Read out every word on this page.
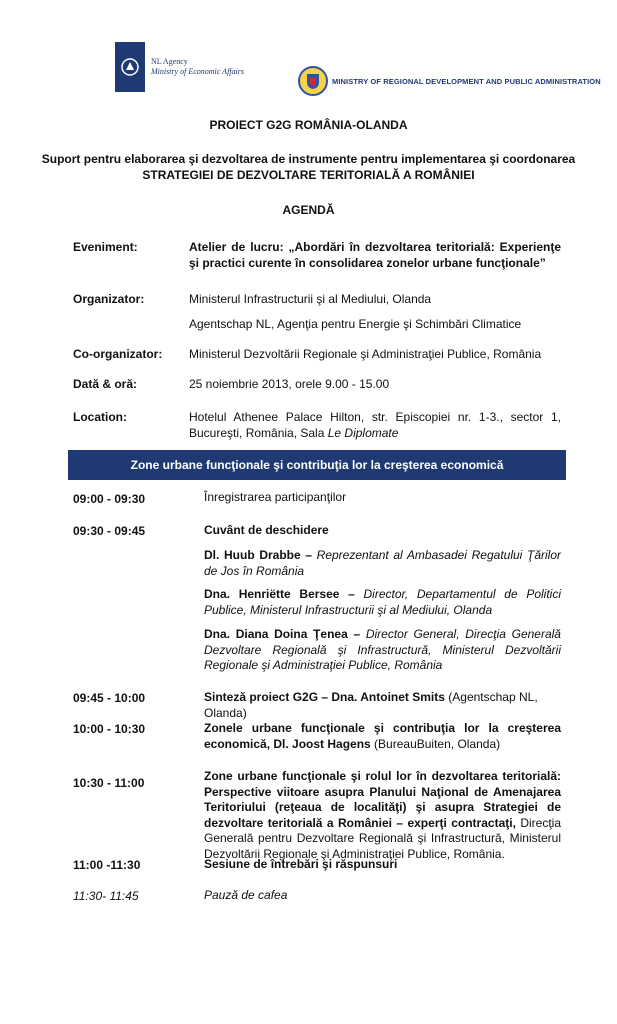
NL Agency
Ministry of Economic Affairs
MINISTRY OF REGIONAL DEVELOPMENT AND PUBLIC ADMINISTRATION
PROIECT G2G ROMÂNIA-OLANDA
Suport pentru elaborarea şi dezvoltarea de instrumente pentru implementarea şi coordonarea
STRATEGIEI DE DEZVOLTARE TERITORIALĂ A ROMÂNIEI
AGENDĂ
Eveniment:	Atelier de lucru: „Abordări în dezvoltarea teritorială: Experienţe şi practici curente în consolidarea zonelor urbane funcţionale”
Organizator:	Ministerul Infrastructurii şi al Mediului, Olanda
Agentschap NL, Agenţia pentru Energie şi Schimbări Climatice
Co-organizator: Ministerul Dezvoltării Regionale şi Administraţiei Publice, România
Dată & oră:	25 noiembrie 2013, orele 9.00 - 15.00
Location:	Hotelul Athenee Palace Hilton, str. Episcopiei nr. 1-3., sector 1, Bucureşti, România, Sala Le Diplomate
Zone urbane funcţionale şi contribuţia lor la creşterea economică
09:00 - 09:30	Înregistrarea participanţilor
09:30 - 09:45	Cuvânt de deschidere
Dl. Huub Drabbe – Reprezentant al Ambasadei Regatului Ţărilor de Jos în România
Dna. Henriëtte Bersee – Director, Departamentul de Politici Publice, Ministerul Infrastructurii şi al Mediului, Olanda
Dna. Diana Doina Ţenea – Director General, Direcţia Generală Dezvoltare Regională şi Infrastructură, Ministerul Dezvoltării Regionale şi Administraţiei Publice, România
09:45 - 10:00	Sinteză proiect G2G – Dna. Antoinet Smits (Agentschap NL, Olanda)
10:00 - 10:30	Zonele urbane funcţionale şi contribuţia lor la creşterea economică, Dl. Joost Hagens (BureauBuiten, Olanda)
10:30 - 11:00	Zone urbane funcţionale şi rolul lor în dezvoltarea teritorială: Perspective viitoare asupra Planului Naţional de Amenajarea Teritoriului (reţeaua de localităţi) şi asupra Strategiei de dezvoltare teritorială a României – experţi contractaţi, Direcţia Generală pentru Dezvoltare Regională şi Infrastructură, Ministerul Dezvoltării Regionale şi Administraţiei Publice, România.
11:00 -11:30	Sesiune de întrebări şi răspunsuri
11:30- 11:45	Pauză de cafea
